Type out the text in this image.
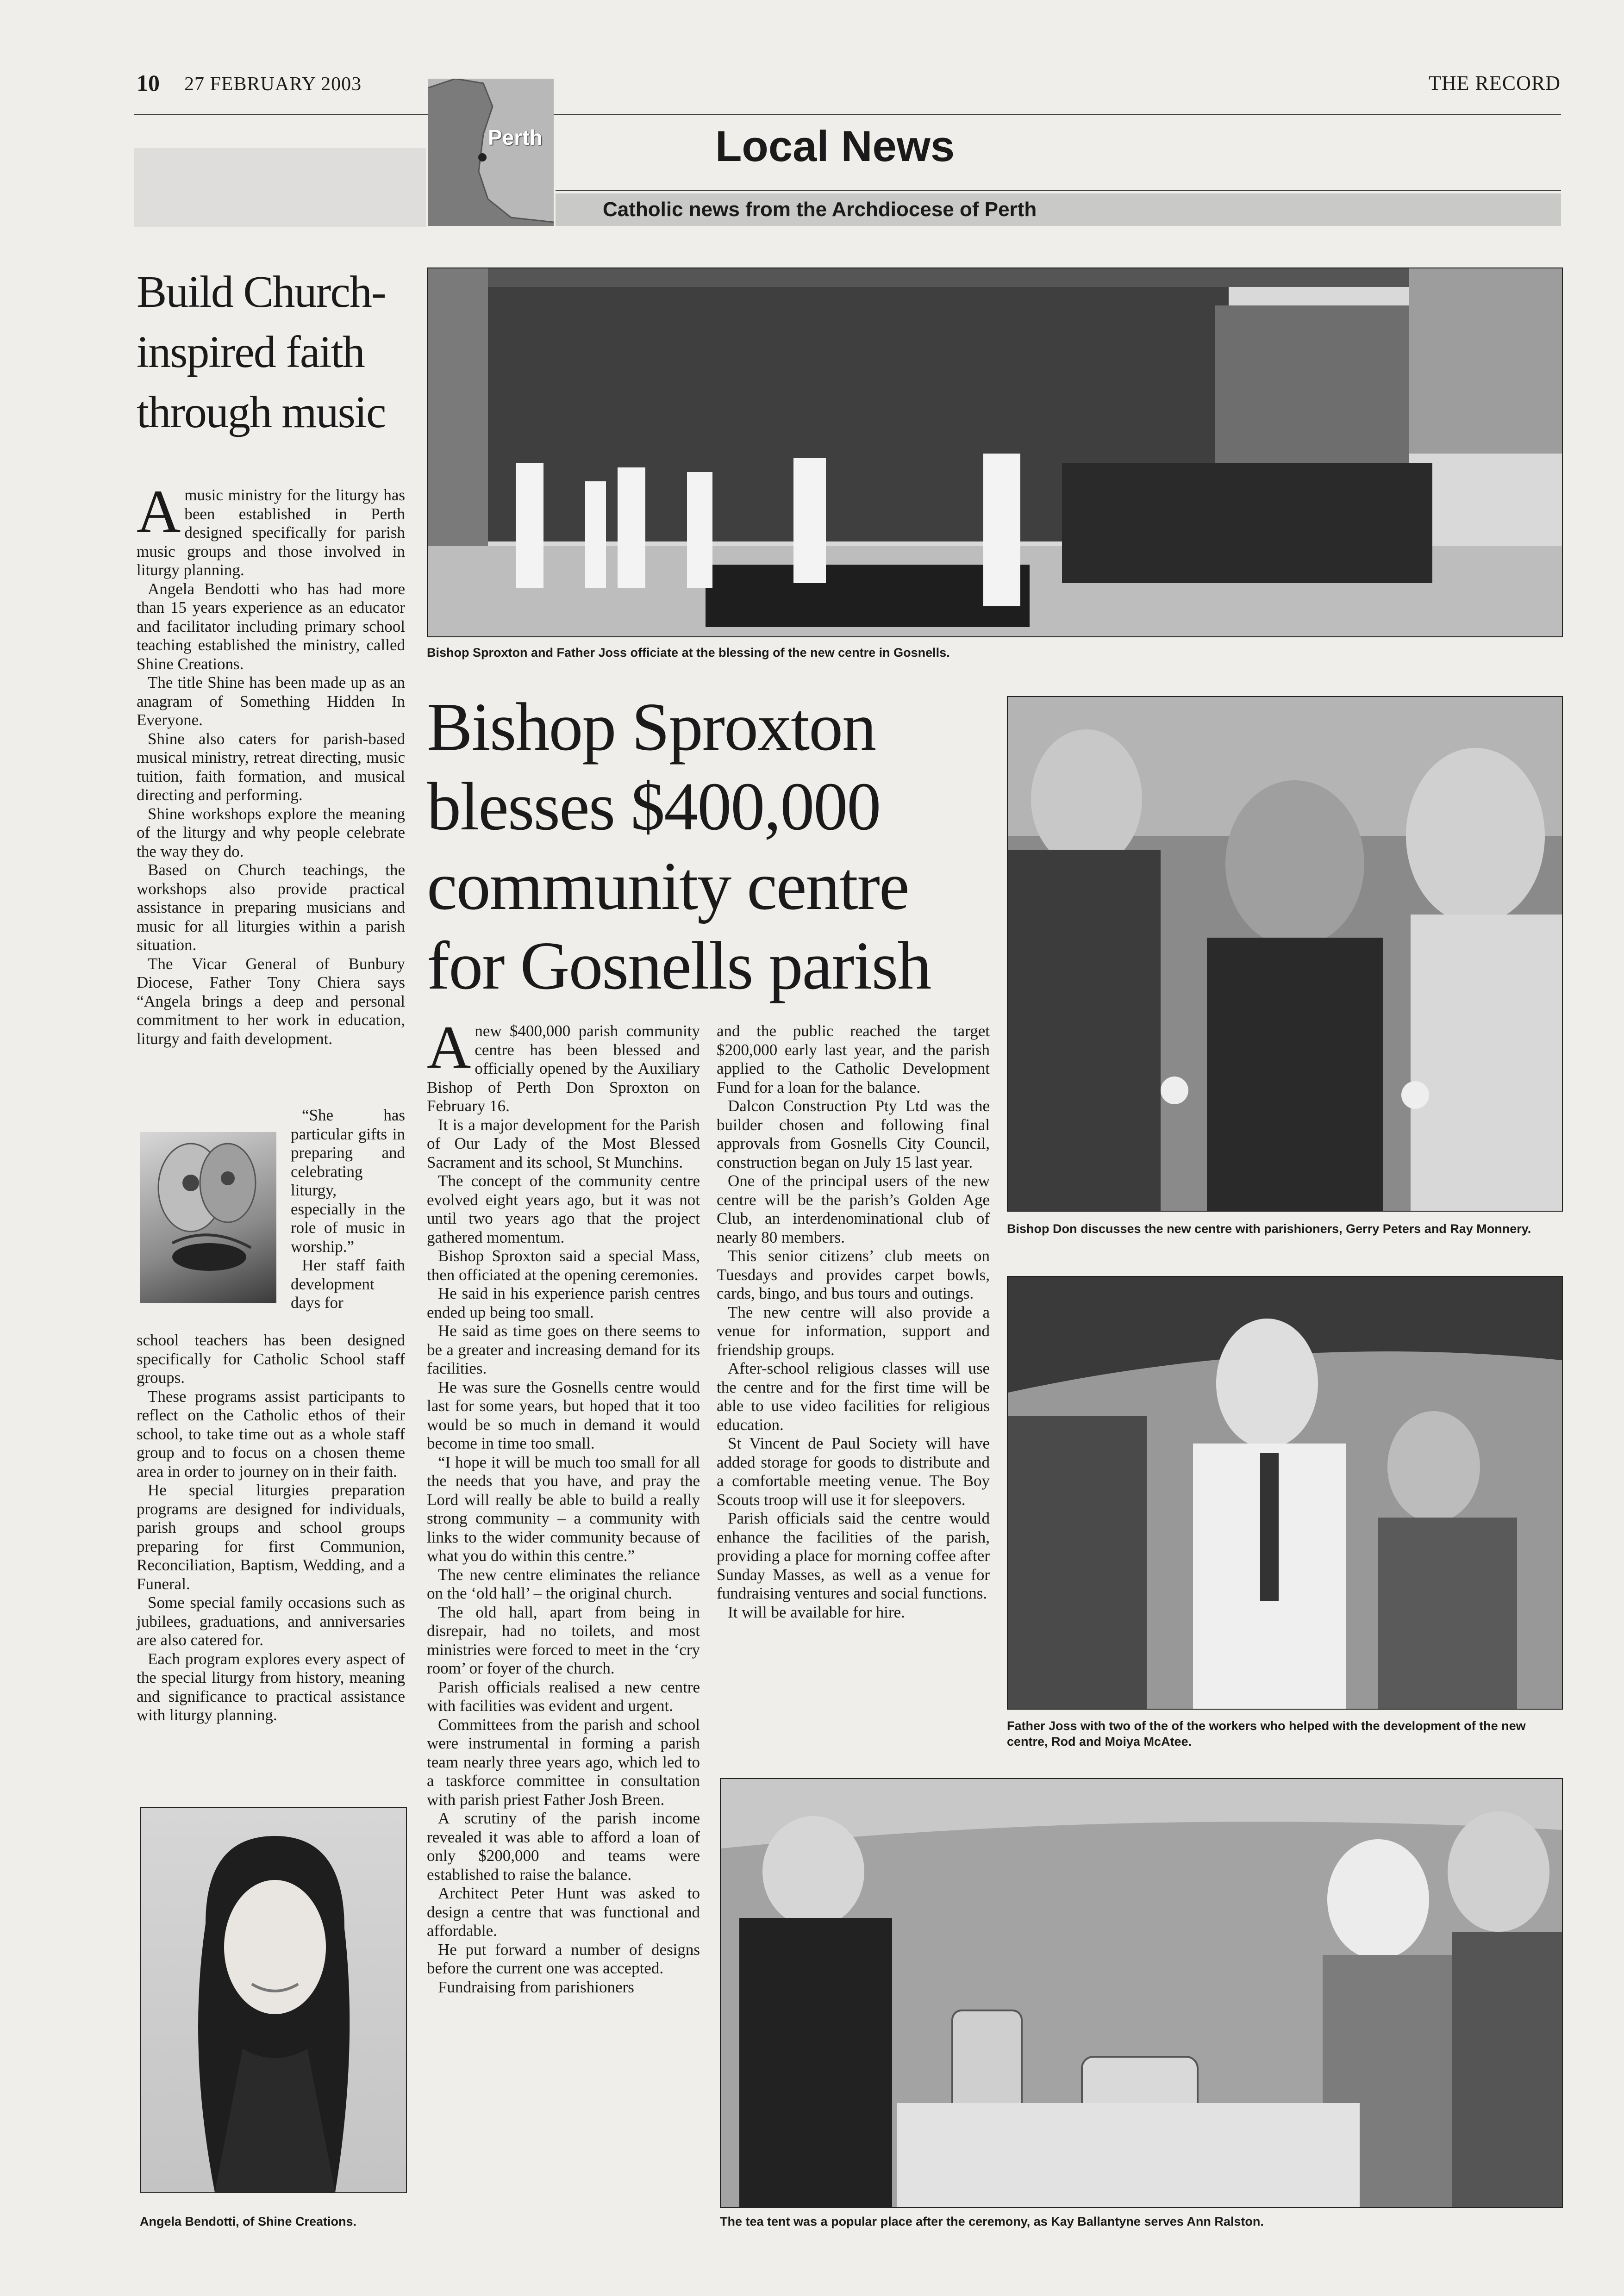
10 27 FEBRUARY 2003	THE RECORD
Perth	Local News
Catholic news from the Archdiocese of Perth
Build Church-inspired faith through music
A music ministry for the liturgy has been established in Perth designed specifically for parish music groups and those involved in liturgy planning.

Angela Bendotti who has had more than 15 years experience as an educator and facilitator including primary school teaching established the ministry, called Shine Creations.

The title Shine has been made up as an anagram of Something Hidden In Everyone.

Shine also caters for parish-based musical ministry, retreat directing, music tuition, faith formation, and musical directing and performing.

Shine workshops explore the meaning of the liturgy and why people celebrate the way they do.

Based on Church teachings, the workshops also provide practical assistance in preparing musicians and music for all liturgies within a parish situation.

The Vicar General of Bunbury Diocese, Father Tony Chiera says “Angela brings a deep and personal commitment to her work in education, liturgy and faith development.

“She has particular gifts in preparing and celebrating liturgy, especially in the role of music in worship.”

Her staff faith development days for

school teachers has been designed specifically for Catholic School staff groups.

These programs assist participants to reflect on the Catholic ethos of their school, to take time out as a whole staff group and to focus on a chosen theme area in order to journey on in their faith.

He special liturgies preparation programs are designed for individuals, parish groups and school groups preparing for first Communion, Reconciliation, Baptism, Wedding, and a Funeral.

Some special family occasions such as jubilees, graduations, and anniversaries are also catered for.

Each program explores every aspect of the special liturgy from history, meaning and significance to practical assistance with liturgy planning.

Angela Bendotti, of Shine Creations.
Bishop Sproxton and Father Joss officiate at the blessing of the new centre in Gosnells.
Bishop Sproxton blesses $400,000 community centre for Gosnells parish
A new $400,000 parish community centre has been blessed and officially opened by the Auxiliary Bishop of Perth Don Sproxton on February 16.

It is a major development for the Parish of Our Lady of the Most Blessed Sacrament and its school, St Munchins.

The concept of the community centre evolved eight years ago, but it was not until two years ago that the project gathered momentum.

Bishop Sproxton said a special Mass, then officiated at the opening ceremonies.

He said in his experience parish centres ended up being too small.

He said as time goes on there seems to be a greater and increasing demand for its facilities.

He was sure the Gosnells centre would last for some years, but hoped that it too would be so much in demand it would become in time too small.

“I hope it will be much too small for all the needs that you have, and pray the Lord will really be able to build a really strong community – a community with links to the wider community because of what you do within this centre.”

The new centre eliminates the reliance on the ‘old hall’ – the original church.

The old hall, apart from being in disrepair, had no toilets, and most ministries were forced to meet in the ‘cry room’ or foyer of the church.

Parish officials realised a new centre with facilities was evident and urgent.

Committees from the parish and school were instrumental in forming a parish team nearly three years ago, which led to a taskforce committee in consultation with parish priest Father Josh Breen.

A scrutiny of the parish income revealed it was able to afford a loan of only $200,000 and teams were established to raise the balance.

Architect Peter Hunt was asked to design a centre that was functional and affordable.

He put forward a number of designs before the current one was accepted.

Fundraising from parishioners

and the public reached the target $200,000 early last year, and the parish applied to the Catholic Development Fund for a loan for the balance.

Dalcon Construction Pty Ltd was the builder chosen and following final approvals from Gosnells City Council, construction began on July 15 last year.

One of the principal users of the new centre will be the parish’s Golden Age Club, an interdenominational club of nearly 80 members.

This senior citizens’ club meets on Tuesdays and provides carpet bowls, cards, bingo, and bus tours and outings.

The new centre will also provide a venue for information, support and friendship groups.

After-school religious classes will use the centre and for the first time will be able to use video facilities for religious education.

St Vincent de Paul Society will have added storage for goods to distribute and a comfortable meeting venue. The Boy Scouts troop will use it for sleepovers.

Parish officials said the centre would enhance the facilities of the parish, providing a place for morning coffee after Sunday Masses, as well as a venue for fundraising ventures and social functions.

It will be available for hire.

Bishop Don discusses the new centre with parishioners, Gerry Peters and Ray Monnery.
Father Joss with two of the of the workers who helped with the development of the new centre, Rod and Moiya McAtee.
The tea tent was a popular place after the ceremony, as Kay Ballantyne serves Ann Ralston.
